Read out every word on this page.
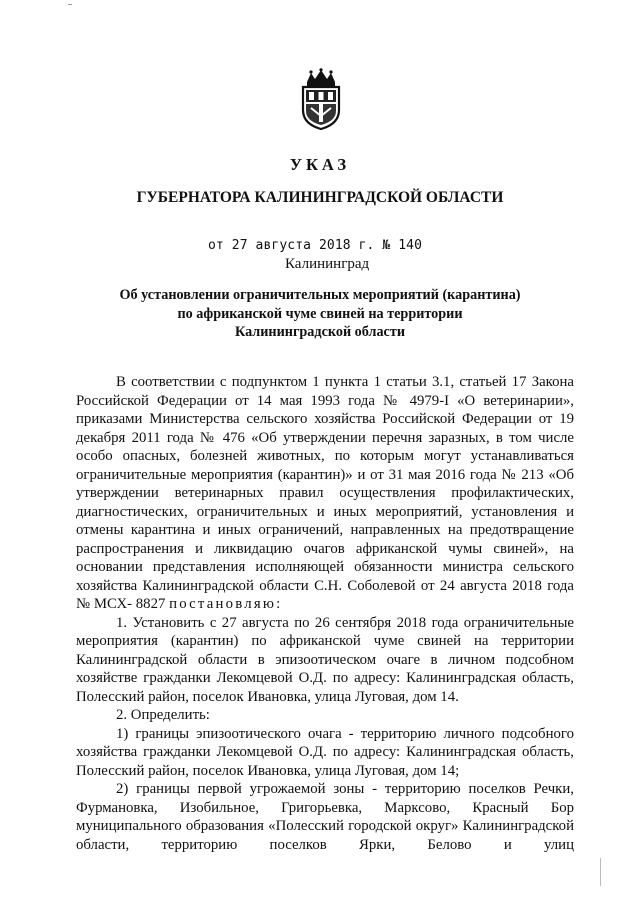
УКАЗ
ГУБЕРНАТОРА КАЛИНИНГРАДСКОЙ ОБЛАСТИ
от 27 августа 2018 г. № 140
Калининград
Об установлении ограничительных мероприятий (карантина)
по африканской чуме свиней на территории
Калининградской области

В соответствии с подпунктом 1 пункта 1 статьи 3.1, статьей 17 Закона Российской Федерации от 14 мая 1993 года № 4979-I «О ветеринарии», приказами Министерства сельского хозяйства Российской Федерации от 19 декабря 2011 года № 476 «Об утверждении перечня заразных, в том числе особо опасных, болезней животных, по которым могут устанавливаться ограничительные мероприятия (карантин)» и от 31 мая 2016 года № 213 «Об утверждении ветеринарных правил осуществления профилактических, диагностических, ограничительных и иных мероприятий, установления и отмены карантина и иных ограничений, направленных на предотвращение распространения и ликвидацию очагов африканской чумы свиней», на основании представления исполняющей обязанности министра сельского хозяйства Калининградской области С.Н. Соболевой от 24 августа 2018 года № МСХ- 8827 постановляю:

1. Установить с 27 августа по 26 сентября 2018 года ограничительные мероприятия (карантин) по африканской чуме свиней на территории Калининградской области в эпизоотическом очаге в личном подсобном хозяйстве гражданки Лекомцевой О.Д. по адресу: Калининградская область, Полесский район, поселок Ивановка, улица Луговая, дом 14.

2. Определить:

1) границы эпизоотического очага - территорию личного подсобного хозяйства гражданки Лекомцевой О.Д. по адресу: Калининградская область, Полесский район, поселок Ивановка, улица Луговая, дом 14;

2) границы первой угрожаемой зоны - территорию поселков Речки, Фурмановка, Изобильное, Григорьевка, Марксово, Красный Бор муниципального образования «Полесский городской округ» Калининградской области, территорию поселков Ярки, Белово и улиц
